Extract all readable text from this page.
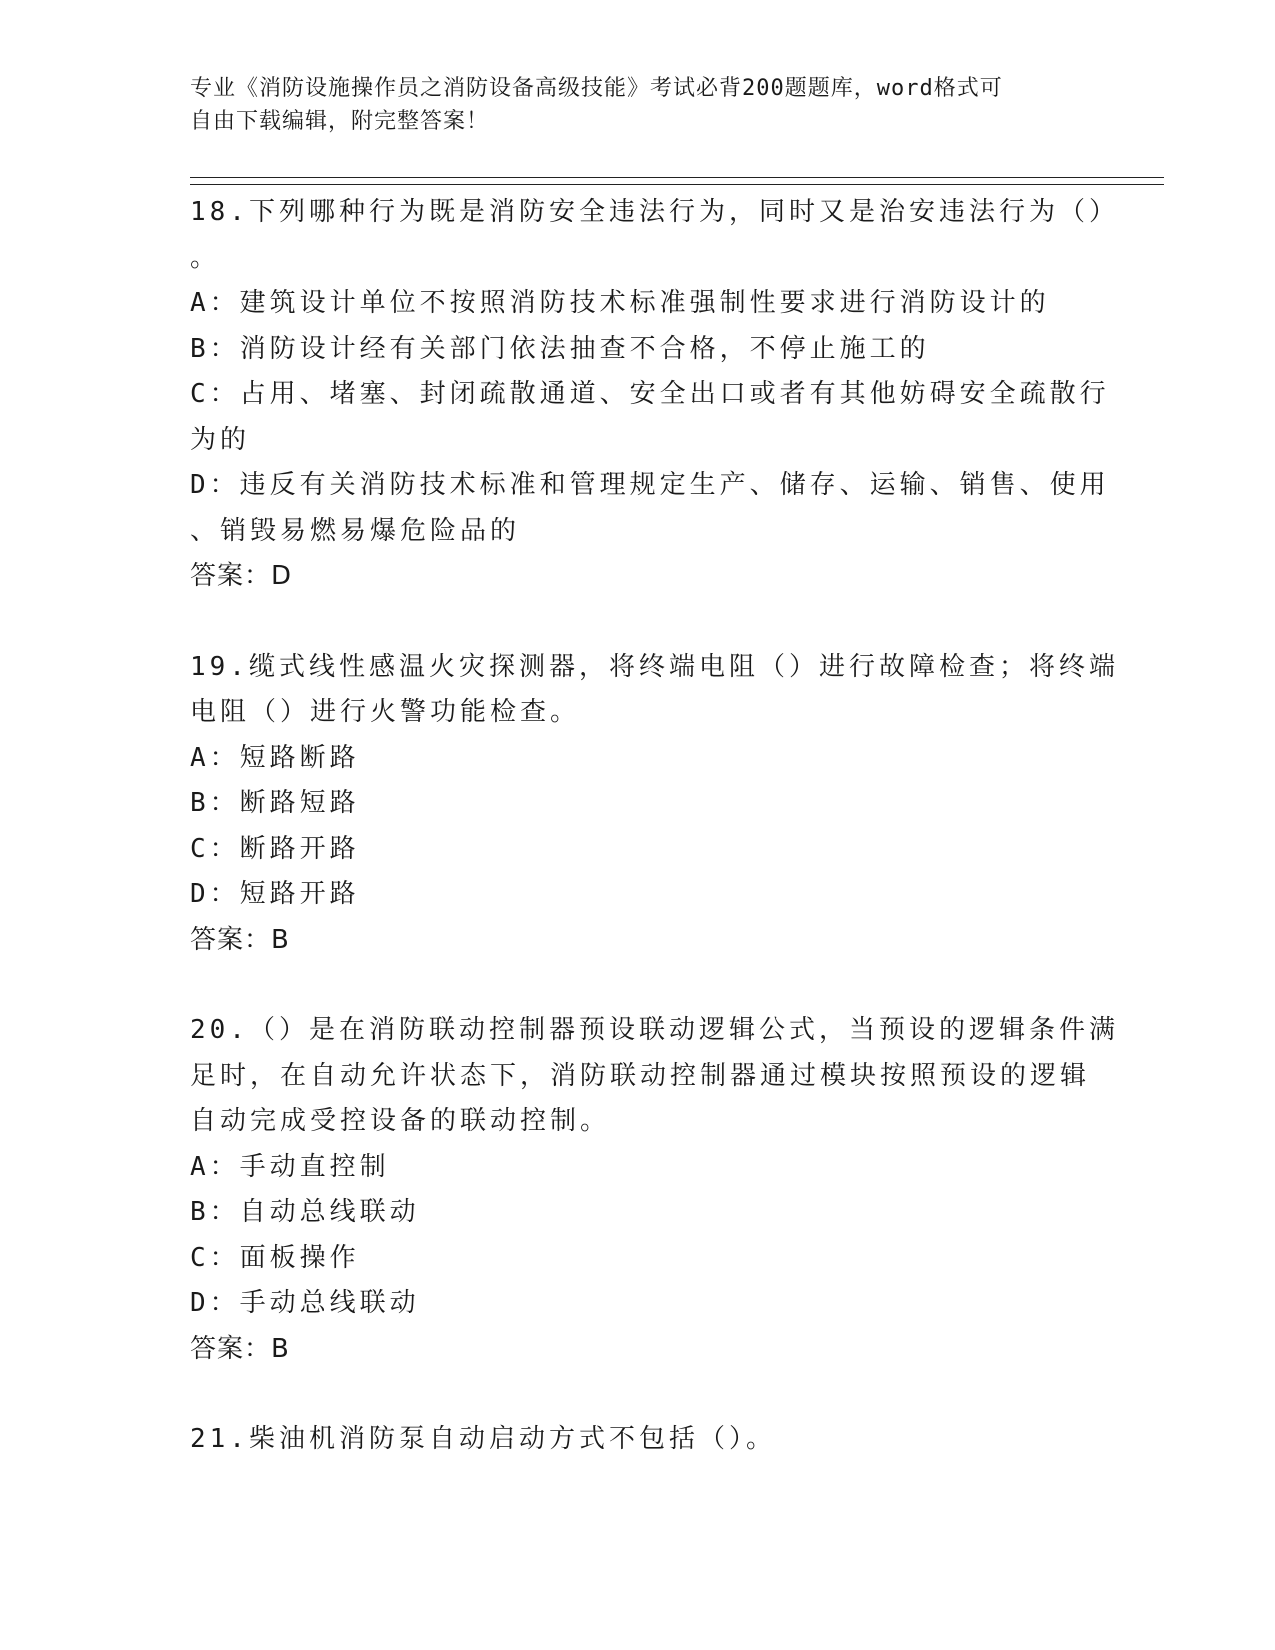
专业《消防设施操作员之消防设备高级技能》考试必背200题题库，word格式可
自由下载编辑，附完整答案！
18.下列哪种行为既是消防安全违法行为，同时又是治安违法行为（）
。
A：建筑设计单位不按照消防技术标准强制性要求进行消防设计的
B：消防设计经有关部门依法抽查不合格，不停止施工的
C：占用、堵塞、封闭疏散通道、安全出口或者有其他妨碍安全疏散行
为的
D：违反有关消防技术标准和管理规定生产、储存、运输、销售、使用
、销毁易燃易爆危险品的
答案：D
19.缆式线性感温火灾探测器，将终端电阻（）进行故障检查；将终端
电阻（）进行火警功能检查。
A：短路断路
B：断路短路
C：断路开路
D：短路开路
答案：B
20.（）是在消防联动控制器预设联动逻辑公式，当预设的逻辑条件满
足时，在自动允许状态下，消防联动控制器通过模块按照预设的逻辑
自动完成受控设备的联动控制。
A：手动直控制
B：自动总线联动
C：面板操作
D：手动总线联动
答案：B
21.柴油机消防泵自动启动方式不包括（）。
